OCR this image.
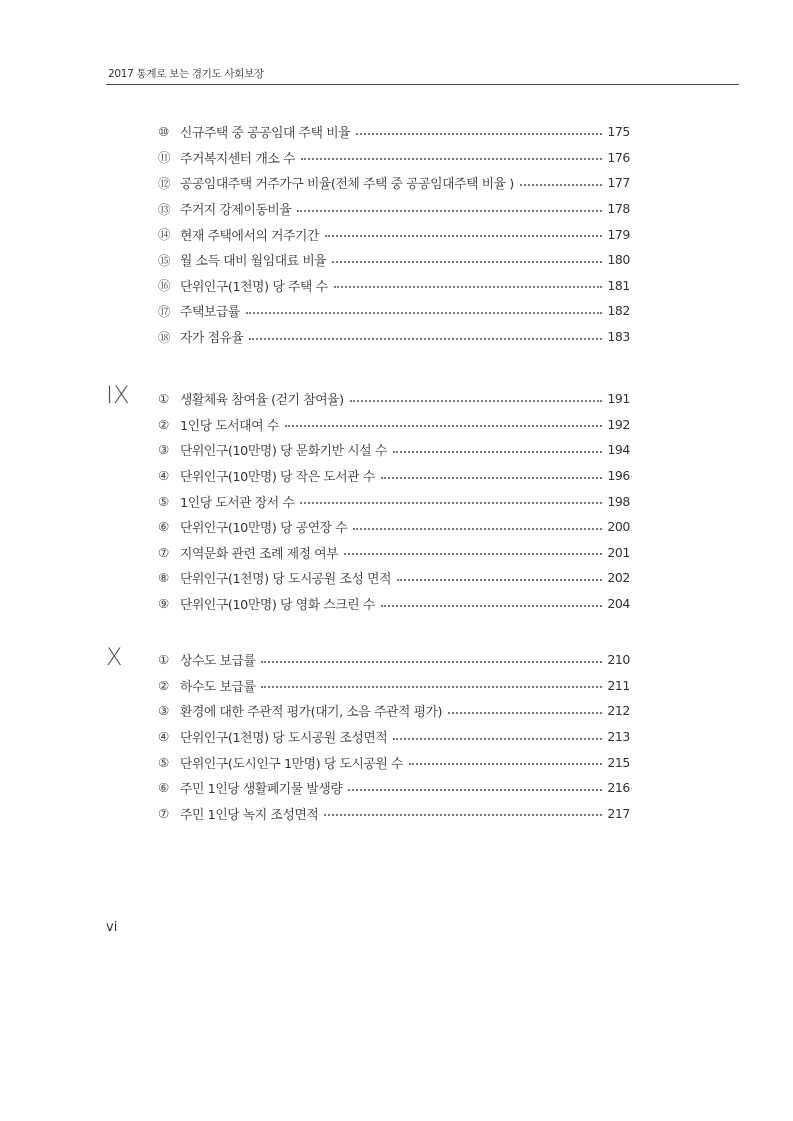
2017 통계로 보는 경기도 사회보장
⑩ 신규주택 중 공공임대 주택 비율	175
⑪ 주거복지센터 개소 수	176
⑫ 공공임대주택 거주가구 비율(전체 주택 중 공공임대주택 비율 )	177
⑬ 주거지 강제이동비율	178
⑭ 현재 주택에서의 거주기간	179
⑮ 월 소득 대비 월임대료 비율	180
⑯ 단위인구(1천명) 당 주택 수	181
⑰ 주택보급률	182
⑱ 자가 점유율	183
IX ① 생활체육 참여율 (걷기 참여율)	191
② 1인당 도서대여 수	192
③ 단위인구(10만명) 당 문화기반 시설 수	194
④ 단위인구(10만명) 당 작은 도서관 수	196
⑤ 1인당 도서관 장서 수	198
⑥ 단위인구(10만명) 당 공연장 수	200
⑦ 지역문화 관련 조례 제정 여부	201
⑧ 단위인구(1천명) 당 도시공원 조성 면적	202
⑨ 단위인구(10만명) 당 영화 스크린 수	204
X	① 상수도 보급률	210
② 하수도 보급률	211
③ 환경에 대한 주관적 평가(대기, 소음 주관적 평가)	212
④ 단위인구(1천명) 당 도시공원 조성면적	213
⑤ 단위인구(도시인구 1만명) 당 도시공원 수	215
⑥ 주민 1인당 생활폐기물 발생량	216
⑦ 주민 1인당 녹지 조성면적	217
vi
